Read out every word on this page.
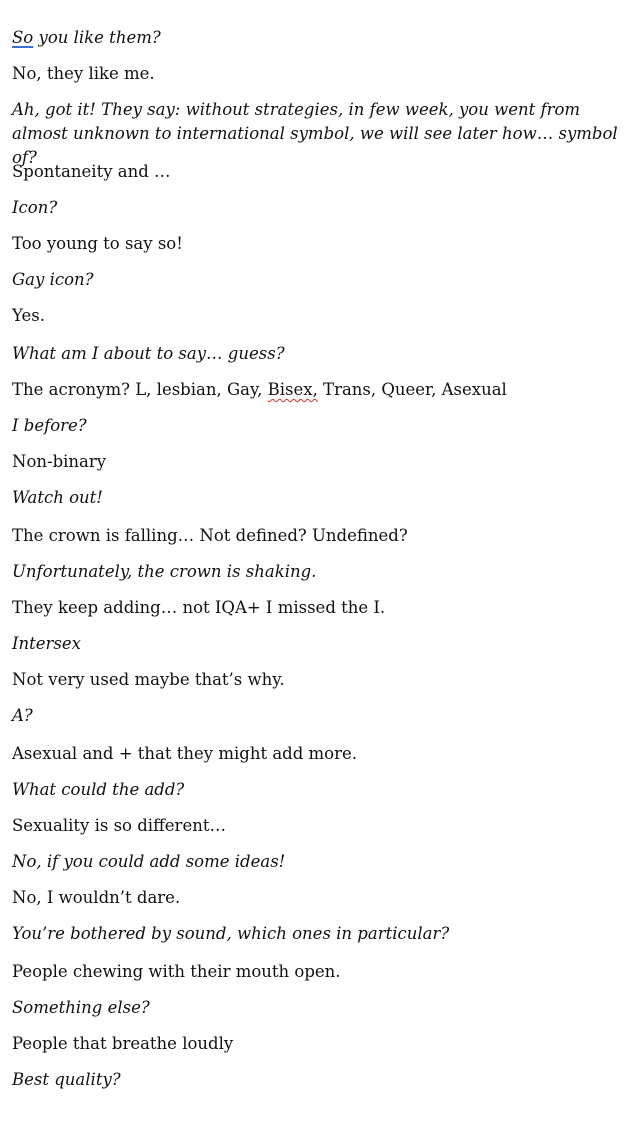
So you like them?
No, they like me.
Ah, got it! They say: without strategies, in few week, you went from almost unknown to international symbol, we will see later how… symbol of?
Spontaneity and …
Icon?
Too young to say so!
Gay icon?
Yes.
What am I about to say… guess?
The acronym? L, lesbian, Gay, Bisex, Trans, Queer, Asexual
I before?
Non-binary
Watch out!
The crown is falling… Not defined? Undefined?
Unfortunately, the crown is shaking.
They keep adding… not IQA+ I missed the I.
Intersex
Not very used maybe that’s why.
A?
Asexual and + that they might add more.
What could the add?
Sexuality is so different…
No, if you could add some ideas!
No, I wouldn’t dare.
You’re bothered by sound, which ones in particular?
People chewing with their mouth open.
Something else?
People that breathe loudly
Best quality?
